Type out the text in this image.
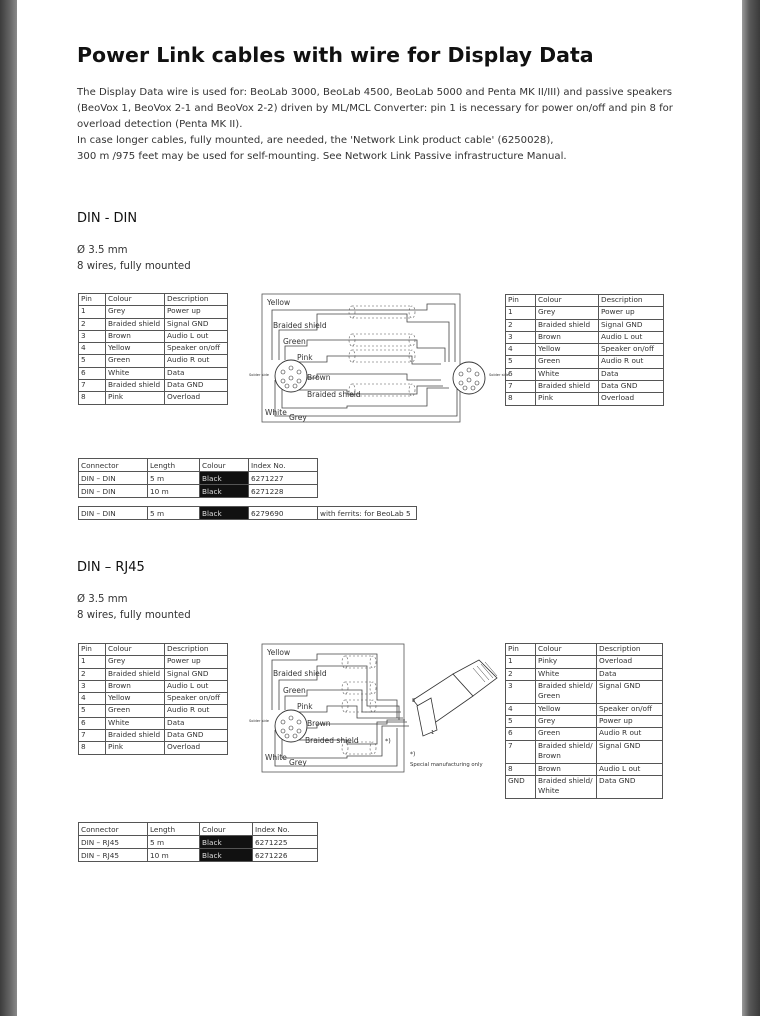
Power Link cables with wire for Display Data

The Display Data wire is used for: BeoLab 3000, BeoLab 4500, BeoLab 5000 and Penta MK II/III) and passive speakers (BeoVox 1, BeoVox 2-1 and BeoVox 2-2) driven by ML/MCL Converter: pin 1 is necessary for power on/off and pin 8 for overload detection (Penta MK II).

In case longer cables, fully mounted, are needed, the 'Network Link product cable' (6250028),

300 m /975 feet may be used for self-mounting. See Network Link Passive infrastructure Manual.

DIN - DIN
Ø 3.5 mm
8 wires, fully mounted
Pin	Colour	Description
1	Grey	Power up
2	Braided shield	Signal GND
3	Brown	Audio L out
4	Yellow	Speaker on/off
5	Green	Audio R out
6	White	Data
7	Braided shield	Data GND
8	Pink	Overload
Yellow
Braided shield
Green
Pink
Brown
Braided shield
White
Grey
Solder side	Solder side
Pin	Colour	Description
1	Grey	Power up
2	Braided shield	Signal GND
3	Brown	Audio L out
4	Yellow	Speaker on/off
5	Green	Audio R out
6	White	Data
7	Braided shield	Data GND
8	Pink	Overload
Connector	Length	Colour	Index No.
DIN – DIN	5 m	Black	6271227
DIN – DIN	10 m	Black	6271228
DIN – DIN	5 m	Black	6279690	with ferrits: for BeoLab 5
DIN – RJ45
Ø 3.5 mm
8 wires, fully mounted
Pin	Colour	Description
1	Grey	Power up
2	Braided shield	Signal GND
3	Brown	Audio L out
4	Yellow	Speaker on/off
5	Green	Audio R out
6	White	Data
7	Braided shield	Data GND
8	Pink	Overload
Yellow
Braided shield
Green
Pink
Brown
Braided shield
White
Grey
Solder side
*)
*)
Special manufacturing only
8
1
Pin	Colour	Description
1	Pinky	Overload
2	White	Data
3	Braided shield/ Green	Signal GND
4	Yellow	Speaker on/off
5	Grey	Power up
6	Green	Audio R out
7	Braided shield/ Brown	Signal GND
8	Brown	Audio L out
GND	Braided shield/ White	Data GND
Connector	Length	Colour	Index No.
DIN – RJ45	5 m	Black	6271225
DIN – RJ45	10 m	Black	6271226
